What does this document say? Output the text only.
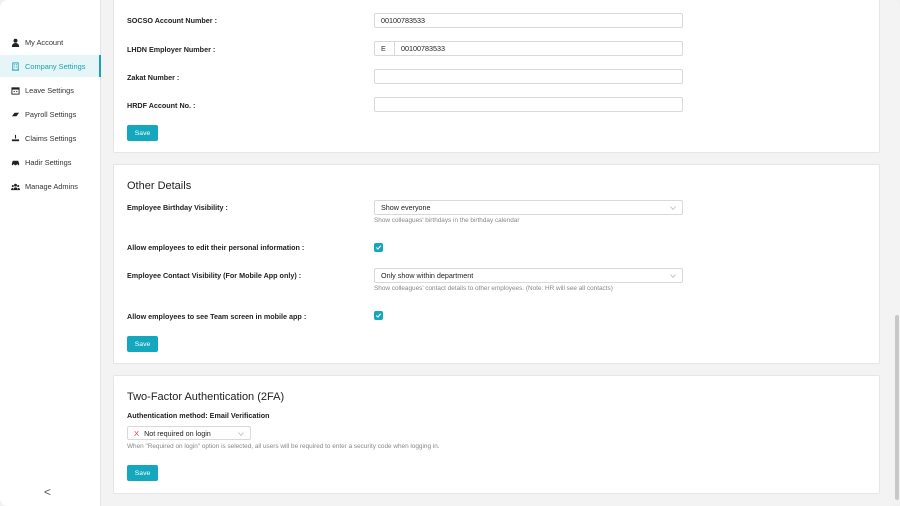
My Account
Company Settings
Leave Settings
Payroll Settings
Claims Settings
Hadir Settings
Manage Admins
<
SOCSO Account Number :	00100783533
LHDN Employer Number :	E	00100783533
Zakat Number :
HRDF Account No. :
Save
Other Details
Employee Birthday Visibility :	Show everyone
Show colleagues' birthdays in the birthday calendar
Allow employees to edit their personal information :
Employee Contact Visibility (For Mobile App only) :	Only show within department
Show colleagues' contact details to other employees. (Note: HR will see all contacts)
Allow employees to see Team screen in mobile app :
Save
Two-Factor Authentication (2FA)
Authentication method: Email Verification
X Not required on login
When "Required on login" option is selected, all users will be required to enter a security code when logging in.
Save
